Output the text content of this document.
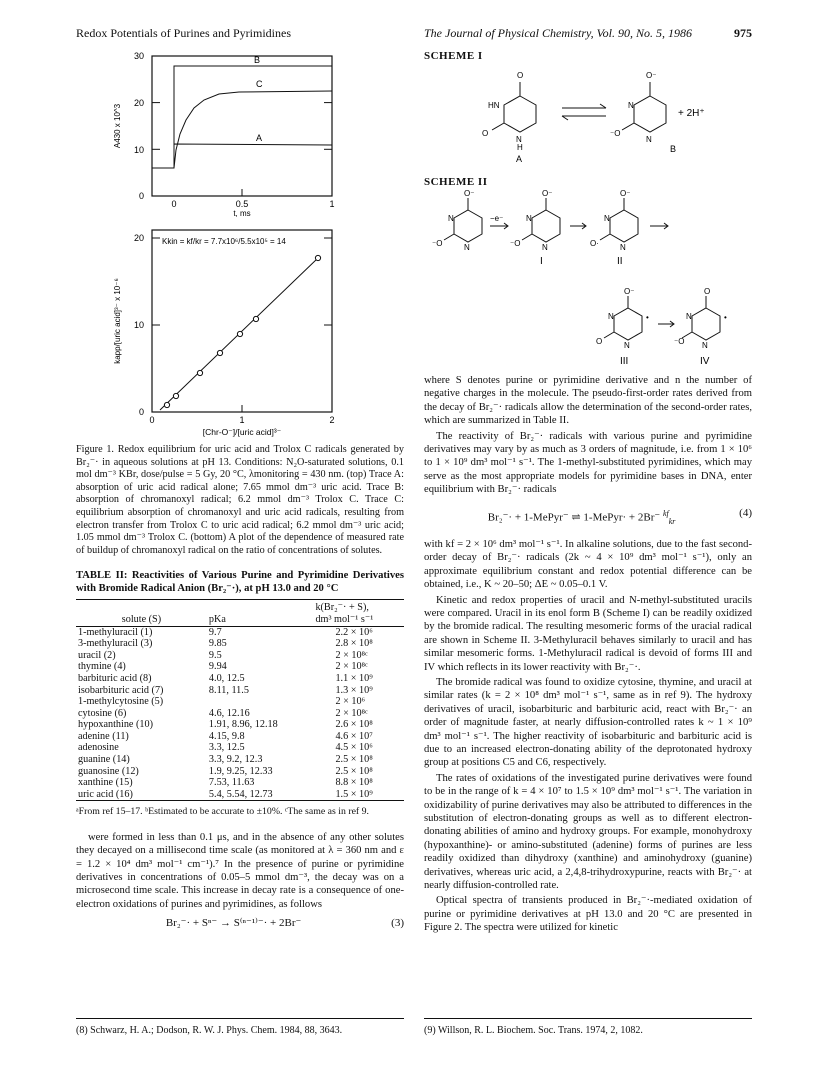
Redox Potentials of Purines and Pyrimidines	The Journal of Physical Chemistry, Vol. 90, No. 5, 1986	975
B
C
A
30
20
10
0
0	0.5	1
t, ms
A430 x 10^3
Kkin = kf/kr = 7.7x10⁶/5.5x10⁵ = 14
20
10
0
0	1	2
[Chr-O⁻]/[uric acid]³⁻
kapp/[uric acid]³⁻ x 10⁻⁶

Figure 1. Redox equilibrium for uric acid and Trolox C radicals generated by Br₂⁻· in aqueous solutions at pH 13. Conditions: N₂O-saturated solutions, 0.1 mol dm⁻³ KBr, dose/pulse = 5 Gy, 20 °C, λmonitoring = 430 nm. (top) Trace A: absorption of uric acid radical alone; 7.65 mmol dm⁻³ uric acid. Trace B: absorption of chromanoxyl radical; 6.2 mmol dm⁻³ Trolox C. Trace C: equilibrium absorption of chromanoxyl and uric acid radicals, resulting from electron transfer from Trolox C to uric acid radical; 6.2 mmol dm⁻³ uric acid; 1.05 mmol dm⁻³ Trolox C. (bottom) A plot of the dependence of measured rate of buildup of chromanoxyl radical on the ratio of concentrations of solutes.

TABLE II: Reactivities of Various Purine and Pyrimidine Derivatives with Bromide Radical Anion (Br₂⁻·), at pH 13.0 and 20 °C
		k(Br₂⁻· + S),
solute (S)	pKa	dm³ mol⁻¹ s⁻¹
1-methyluracil (1)	9.7	2.2 × 10⁶
3-methyluracil (3)	9.85	2.8 × 10⁸
uracil (2)	9.5	2 × 10⁸ᶜ
thymine (4)	9.94	2 × 10⁸ᶜ
barbituric acid (8)	4.0, 12.5	1.1 × 10⁹
isobarbituric acid (7)	8.11, 11.5	1.3 × 10⁹
1-methylcytosine (5)		2 × 10⁶
cytosine (6)	4.6, 12.16	2 × 10⁸ᶜ
hypoxanthine (10)	1.91, 8.96, 12.18	2.6 × 10⁸
adenine (11)	4.15, 9.8	4.6 × 10⁷
adenosine	3.3, 12.5	4.5 × 10⁶
guanine (14)	3.3, 9.2, 12.3	2.5 × 10⁸
guanosine (12)	1.9, 9.25, 12.33	2.5 × 10⁸
xanthine (15)	7.53, 11.63	8.8 × 10⁸
uric acid (16)	5.4, 5.54, 12.73	1.5 × 10⁹

ᵃFrom ref 15–17. ᵇEstimated to be accurate to ±10%. ᶜThe same as in ref 9.

were formed in less than 0.1 μs, and in the absence of any other solutes they decayed on a millisecond time scale (as monitored at λ = 360 nm and ε = 1.2 × 10⁴ dm³ mol⁻¹ cm⁻¹).⁷ In the presence of purine or pyrimidine derivatives in concentrations of 0.05–5 mmol dm⁻³, the decay was on a microsecond time scale. This increase in decay rate is a consequence of one-electron oxidations of purines and pyrimidines, as follows

Br₂⁻· + Sⁿ⁻ → S⁽ⁿ⁻¹⁾⁻· + 2Br⁻	(3)
SCHEME I
O
HN
O
N
H
O⁻
N
⁻O
N
A
B
+ 2H⁺
SCHEME II
O⁻
N
⁻O	N
O⁻
N
⁻O	N
O⁻
N
O·	N
O⁻
N
O	N
O
N
⁻O N
•	•
−e⁻
I	II
III	IV

where S denotes purine or pyrimidine derivative and n the number of negative charges in the molecule. The pseudo-first-order rates derived from the decay of Br₂⁻· radicals allow the determination of the second-order rates, which are summarized in Table II.

The reactivity of Br₂⁻· radicals with various purine and pyrimidine derivatives may vary by as much as 3 orders of magnitude, i.e. from 1 × 10⁶ to 1 × 10⁹ dm³ mol⁻¹ s⁻¹. The 1-methyl-substituted pyrimidines, which may serve as the most appropriate models for pyrimidine bases in DNA, enter equilibrium with Br₂⁻· radicals

Br₂⁻· + 1-MePyr⁻ ⇌ 1-MePyr· + 2Br⁻ $^{kf}_{kr}$
(4)

with kf = 2 × 10⁶ dm³ mol⁻¹ s⁻¹. In alkaline solutions, due to the fast second-order decay of Br₂⁻· radicals (2k ~ 4 × 10⁹ dm³ mol⁻¹ s⁻¹), only an approximate equilibrium constant and redox potential difference can be obtained, i.e., K ~ 20–50; ΔE ~ 0.05–0.1 V.

Kinetic and redox properties of uracil and N-methyl-substituted uracils were compared. Uracil in its enol form B (Scheme I) can be readily oxidized by the bromide radical. The resulting mesomeric forms of the uracial radical are shown in Scheme II. 3-Methyluracil behaves similarly to uracil and has similar mesomeric forms. 1-Methyluracil radical is devoid of forms III and IV which reflects in its lower reactivity with Br₂⁻·.

The bromide radical was found to oxidize cytosine, thymine, and uracil at similar rates (k = 2 × 10⁸ dm³ mol⁻¹ s⁻¹, same as in ref 9). The hydroxy derivatives of uracil, isobarbituric and barbituric acid, react with Br₂⁻· an order of magnitude faster, at nearly diffusion-controlled rates k ~ 1 × 10⁹ dm³ mol⁻¹ s⁻¹. The higher reactivity of isobarbituric and barbituric acid is due to an increased electron-donating ability of the deprotonated hydroxy group at positions C5 and C6, respectively.

The rates of oxidations of the investigated purine derivatives were found to be in the range of k = 4 × 10⁷ to 1.5 × 10⁹ dm³ mol⁻¹ s⁻¹. The variation in oxidizability of purine derivatives may also be attributed to differences in the substitution of electron-donating groups as well as to different electron-donating abilities of amino and hydroxy groups. For example, monohydroxy (hypoxanthine)- or amino-substituted (adenine) forms of purines are less readily oxidized than dihydroxy (xanthine) and aminohydroxy (guanine) derivatives, whereas uric acid, a 2,4,8-trihydroxypurine, reacts with Br₂⁻· at nearly diffusion-controlled rate.

Optical spectra of transients produced in Br₂⁻·-mediated oxidation of purine or pyrimidine derivatives at pH 13.0 and 20 °C are presented in Figure 2. The spectra were utilized for kinetic

(8) Schwarz, H. A.; Dodson, R. W. J. Phys. Chem. 1984, 88, 3643.	(9) Willson, R. L. Biochem. Soc. Trans. 1974, 2, 1082.
